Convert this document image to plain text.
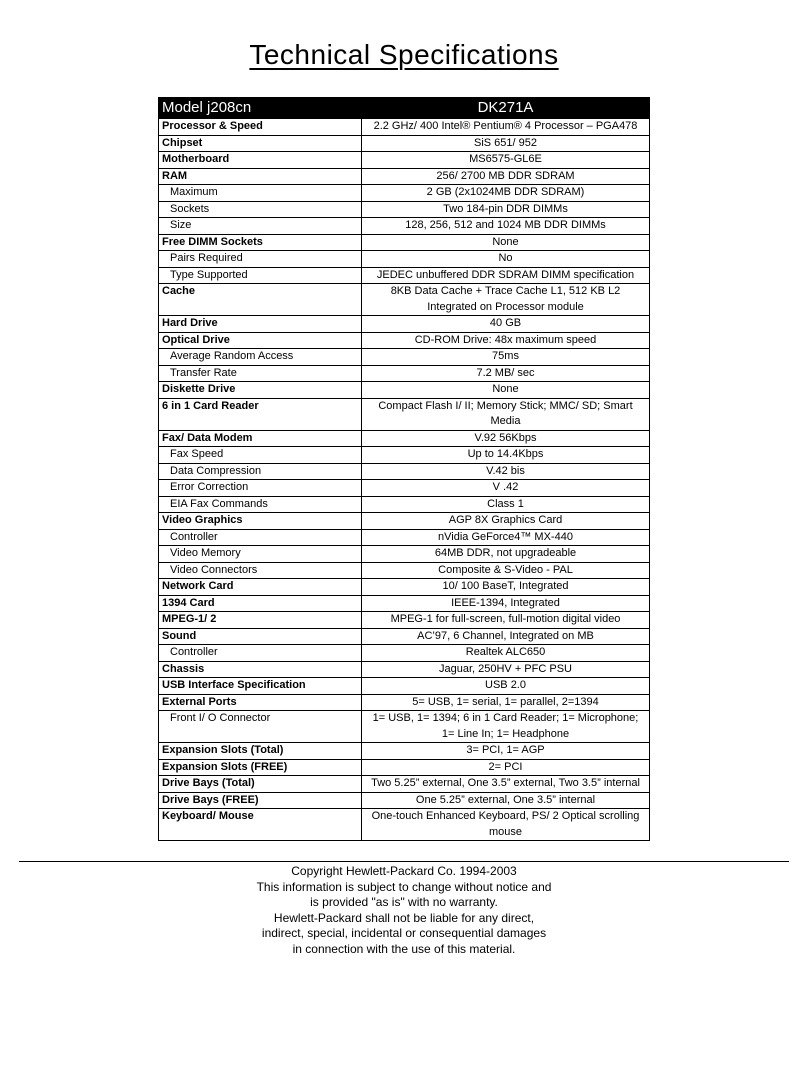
Technical Specifications
Model j208cn	DK271A
Processor & Speed	2.2 GHz/ 400 Intel® Pentium® 4 Processor – PGA478
Chipset	SiS 651/ 952
Motherboard	MS6575-GL6E
RAM	256/ 2700 MB DDR SDRAM
Maximum	2 GB (2x1024MB DDR SDRAM)
Sockets	Two 184-pin DDR DIMMs
Size	128, 256, 512 and 1024 MB DDR DIMMs
Free DIMM Sockets	None
Pairs Required	No
Type Supported	JEDEC unbuffered DDR SDRAM DIMM specification
Cache	8KB Data Cache + Trace Cache L1, 512 KB L2 Integrated on Processor module
Hard Drive	40 GB
Optical Drive	CD-ROM Drive: 48x maximum speed
Average Random Access	75ms
Transfer Rate	7.2 MB/ sec
Diskette Drive	None
6 in 1 Card Reader	Compact Flash I/ II; Memory Stick; MMC/ SD; Smart Media
Fax/ Data Modem	V.92 56Kbps
Fax Speed	Up to 14.4Kbps
Data Compression	V.42 bis
Error Correction	V .42
EIA Fax Commands	Class 1
Video Graphics	AGP 8X Graphics Card
Controller	nVidia GeForce4™ MX-440
Video Memory	64MB DDR, not upgradeable
Video Connectors	Composite & S-Video - PAL
Network Card	10/ 100 BaseT, Integrated
1394 Card	IEEE-1394, Integrated
MPEG-1/ 2	MPEG-1 for full-screen, full-motion digital video
Sound	AC’97, 6 Channel, Integrated on MB
Controller	Realtek ALC650
Chassis	Jaguar, 250HV + PFC PSU
USB Interface Specification	USB 2.0
External Ports	5= USB, 1= serial, 1= parallel, 2=1394
Front I/ O Connector	1= USB, 1= 1394; 6 in 1 Card Reader; 1= Microphone; 1= Line In; 1= Headphone
Expansion Slots (Total)	3= PCI, 1= AGP
Expansion Slots (FREE)	2= PCI
Drive Bays (Total)	Two 5.25” external, One 3.5” external, Two 3.5” internal
Drive Bays (FREE)	One 5.25” external, One 3.5” internal
Keyboard/ Mouse	One-touch Enhanced Keyboard, PS/ 2 Optical scrolling mouse
Copyright Hewlett-Packard Co. 1994-2003
This information is subject to change without notice and
is provided "as is" with no warranty.
Hewlett-Packard shall not be liable for any direct,
indirect, special, incidental or consequential damages
in connection with the use of this material.
